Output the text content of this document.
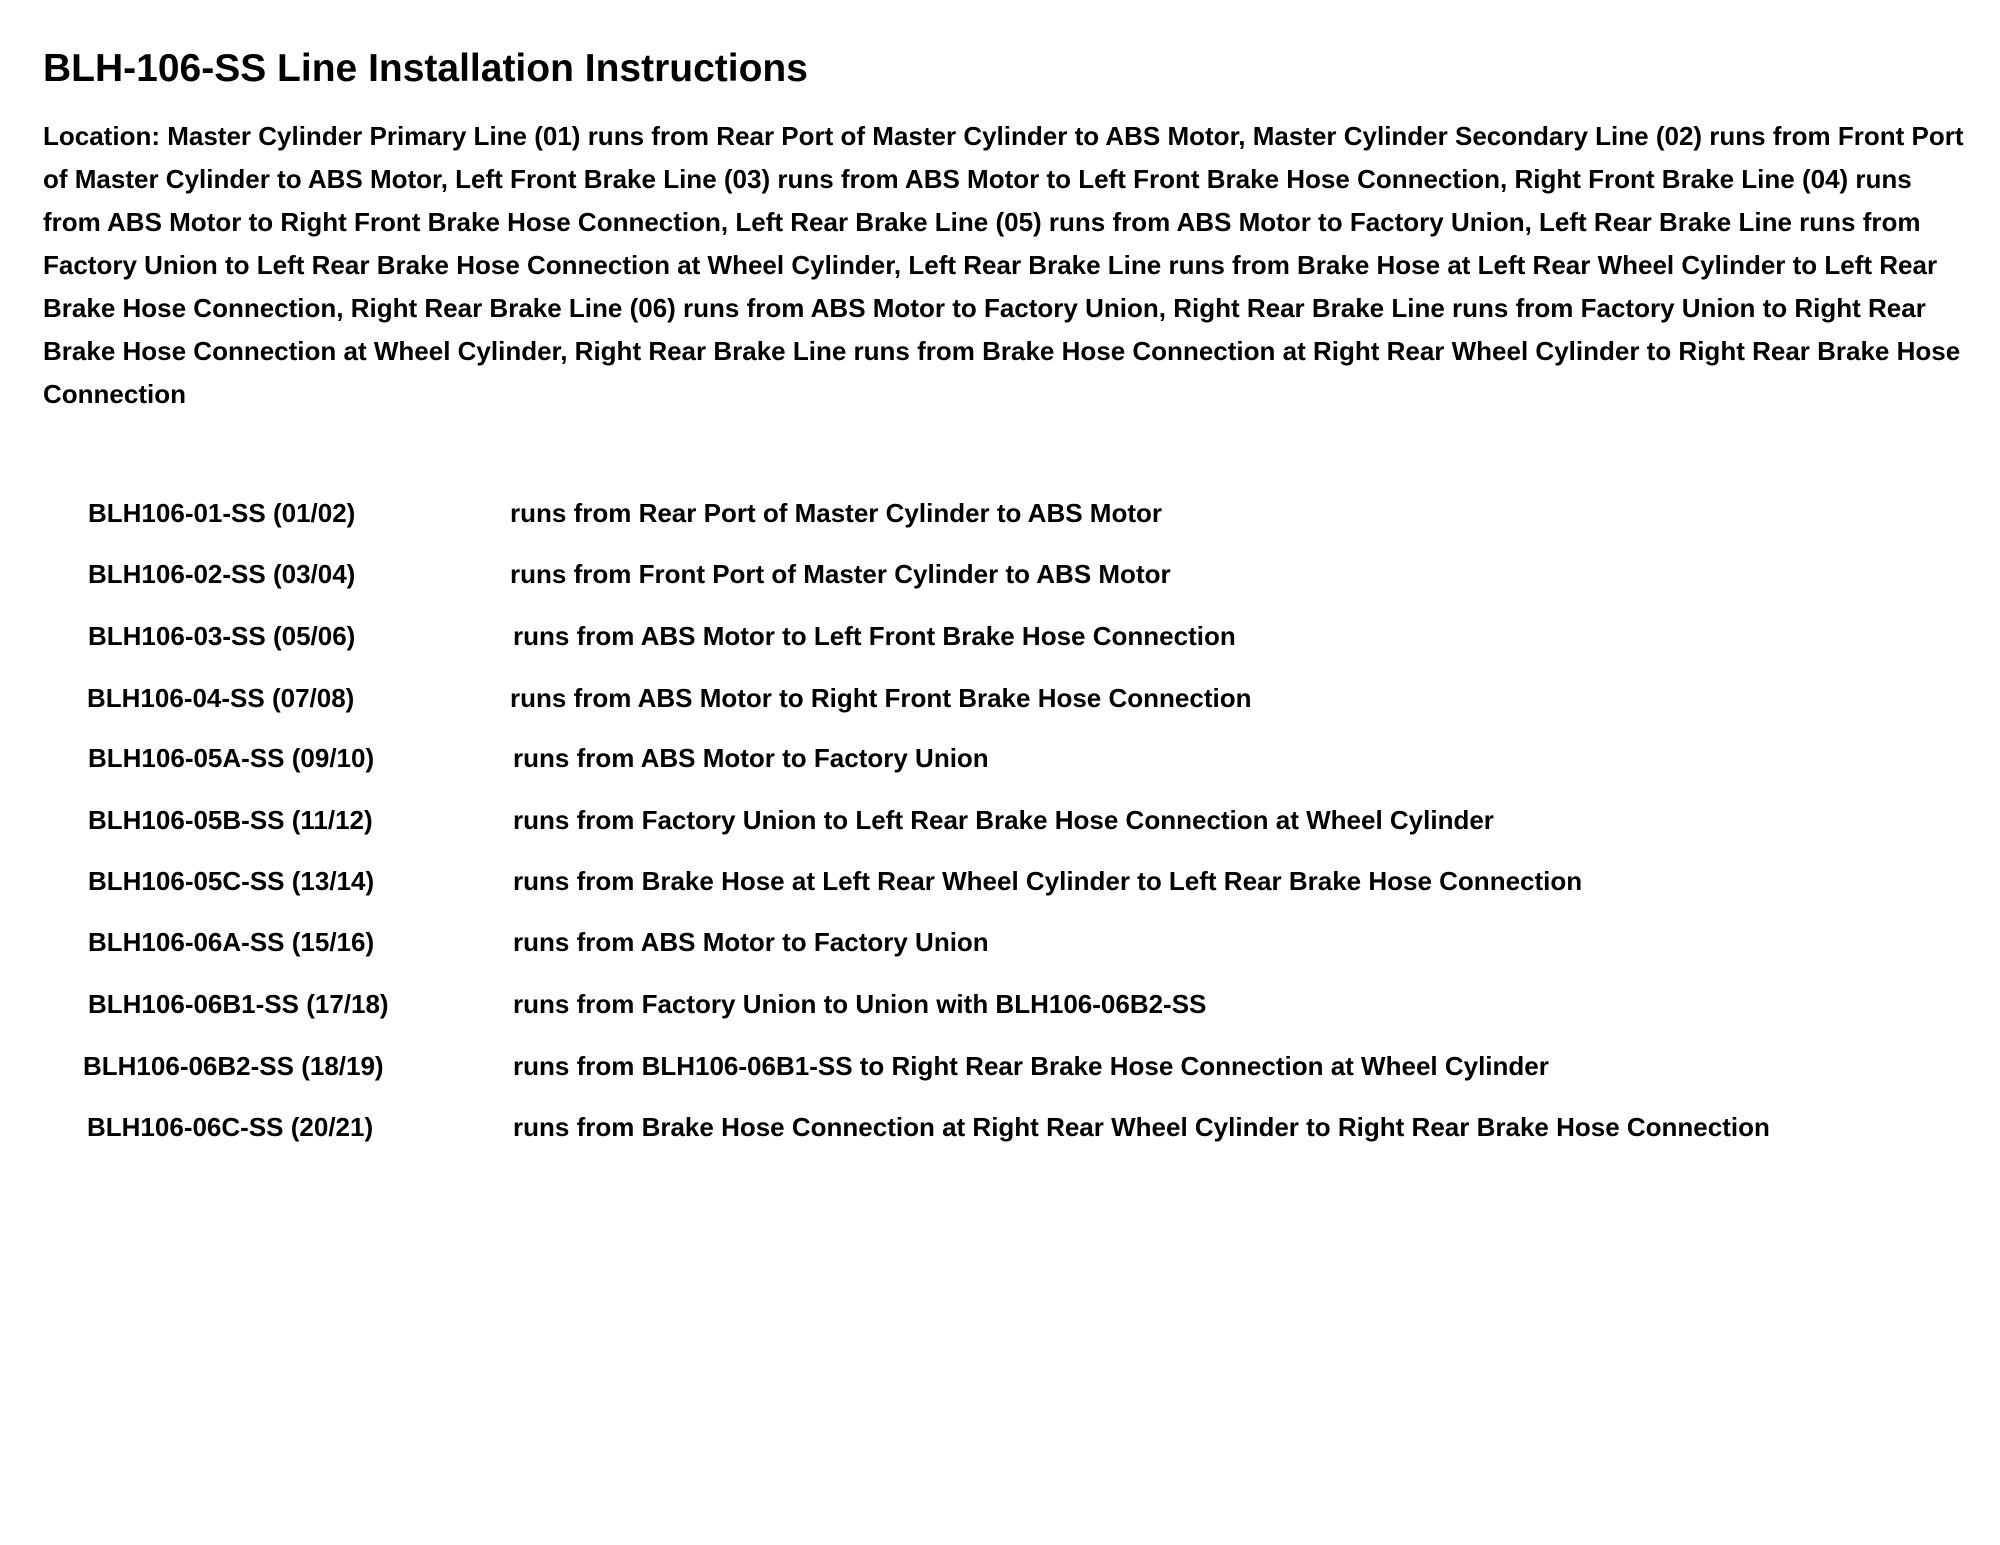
BLH-106-SS Line Installation Instructions

Location: Master Cylinder Primary Line (01) runs from Rear Port of Master Cylinder to ABS Motor, Master Cylinder Secondary Line (02) runs from Front Port of Master Cylinder to ABS Motor, Left Front Brake Line (03) runs from ABS Motor to Left Front Brake Hose Connection, Right Front Brake Line (04) runs from ABS Motor to Right Front Brake Hose Connection, Left Rear Brake Line (05) runs from ABS Motor to Factory Union, Left Rear Brake Line runs from Factory Union to Left Rear Brake Hose Connection at Wheel Cylinder, Left Rear Brake Line runs from Brake Hose at Left Rear Wheel Cylinder to Left Rear Brake Hose Connection, Right Rear Brake Line (06) runs from ABS Motor to Factory Union, Right Rear Brake Line runs from Factory Union to Right Rear Brake Hose Connection at Wheel Cylinder, Right Rear Brake Line runs from Brake Hose Connection at Right Rear Wheel Cylinder to Right Rear Brake Hose Connection

BLH106-01-SS (01/02)	runs from Rear Port of Master Cylinder to ABS Motor
BLH106-02-SS (03/04)	runs from Front Port of Master Cylinder to ABS Motor
BLH106-03-SS (05/06)	runs from ABS Motor to Left Front Brake Hose Connection
BLH106-04-SS (07/08)	runs from ABS Motor to Right Front Brake Hose Connection
BLH106-05A-SS (09/10)	runs from ABS Motor to Factory Union
BLH106-05B-SS (11/12)	runs from Factory Union to Left Rear Brake Hose Connection at Wheel Cylinder
BLH106-05C-SS (13/14)	runs from Brake Hose at Left Rear Wheel Cylinder to Left Rear Brake Hose Connection
BLH106-06A-SS (15/16)	runs from ABS Motor to Factory Union
BLH106-06B1-SS (17/18)	runs from Factory Union to Union with BLH106-06B2-SS
BLH106-06B2-SS (18/19)	runs from BLH106-06B1-SS to Right Rear Brake Hose Connection at Wheel Cylinder
BLH106-06C-SS (20/21)	runs from Brake Hose Connection at Right Rear Wheel Cylinder to Right Rear Brake Hose Connection
